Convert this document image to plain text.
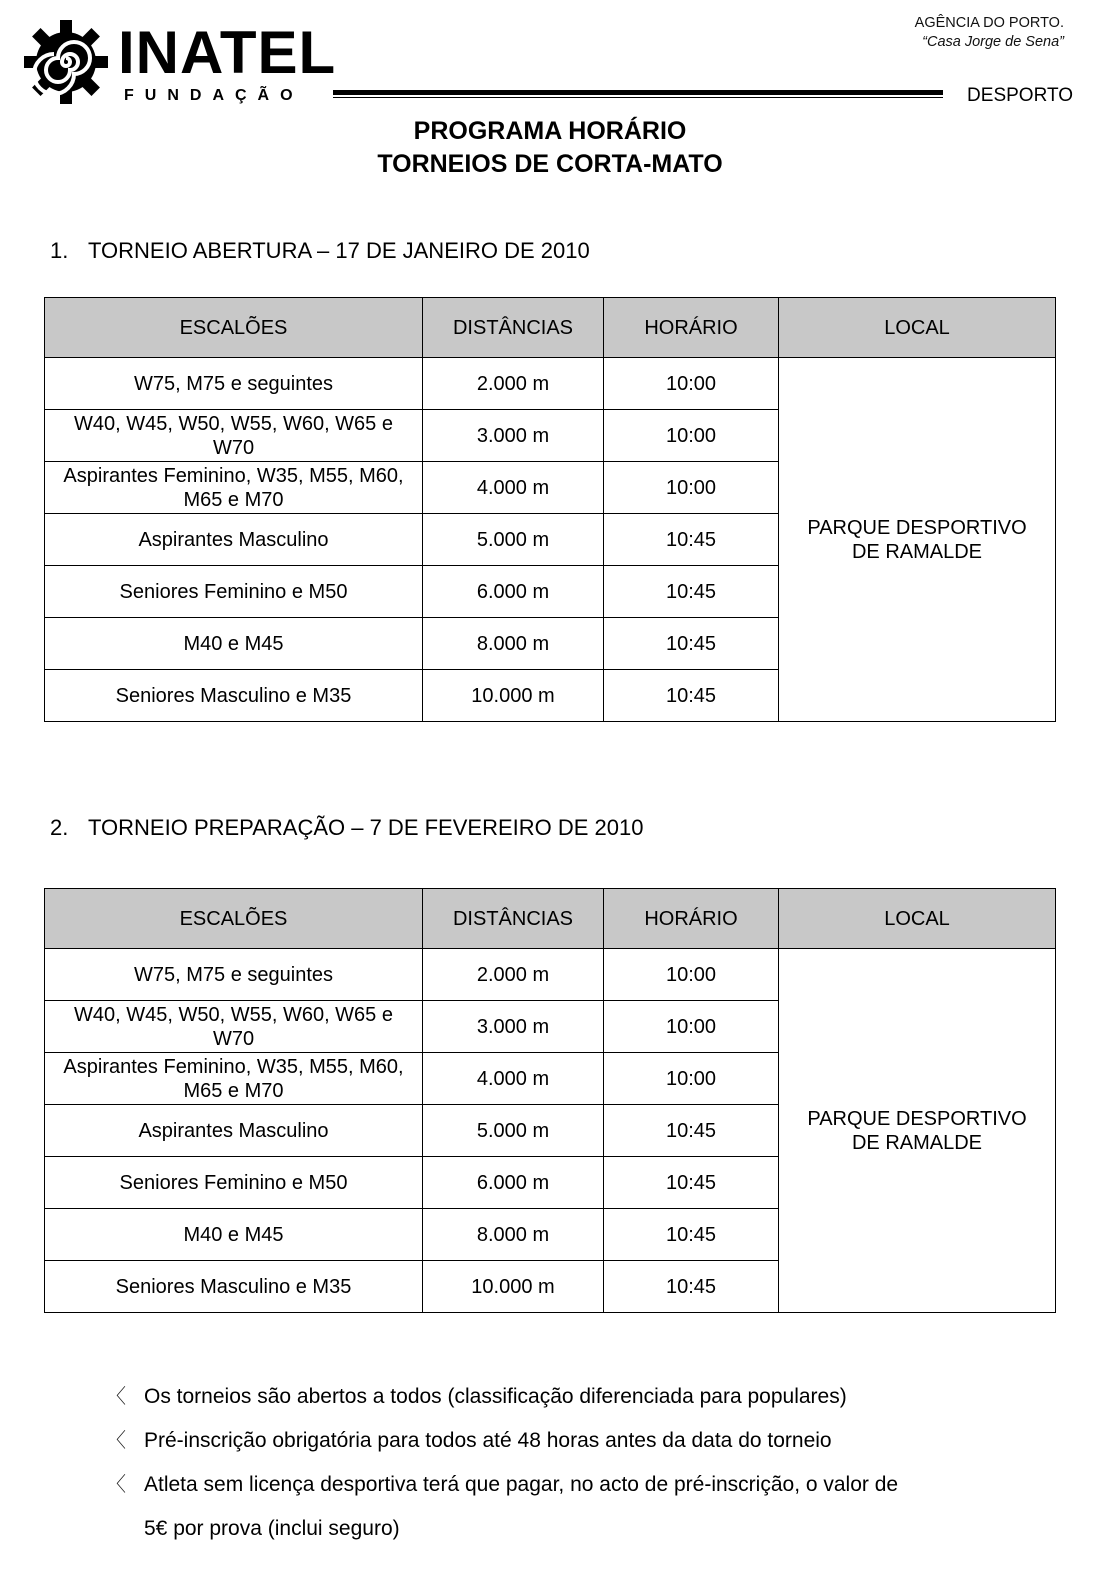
INATEL
FUNDAÇÃO
AGÊNCIA DO PORTO.
“Casa Jorge de Sena”
DESPORTO
PROGRAMA HORÁRIO
TORNEIOS DE CORTA-MATO
1. TORNEIO ABERTURA – 17 DE JANEIRO DE 2010
ESCALÕES	DISTÂNCIAS	HORÁRIO	LOCAL
W75, M75 e seguintes	2.000 m	10:00	PARQUE DESPORTIVO
DE RAMALDE

W40, W45, W50, W55, W60, W65 e W70	3.000 m	10:00	
Aspirantes Feminino, W35, M55, M60, M65 e M70	4.000 m	10:00	
Aspirantes Masculino	5.000 m	10:45	
Seniores Feminino e M50	6.000 m	10:45	
M40 e M45	8.000 m	10:45	
Seniores Masculino e M35	10.000 m	10:45	
2. TORNEIO PREPARAÇÃO – 7 DE FEVEREIRO DE 2010
ESCALÕES	DISTÂNCIAS	HORÁRIO	LOCAL
W75, M75 e seguintes	2.000 m	10:00	PARQUE DESPORTIVO
DE RAMALDE

W40, W45, W50, W55, W60, W65 e W70	3.000 m	10:00	
Aspirantes Feminino, W35, M55, M60, M65 e M70	4.000 m	10:00	
Aspirantes Masculino	5.000 m	10:45	
Seniores Feminino e M50	6.000 m	10:45	
M40 e M45	8.000 m	10:45	
Seniores Masculino e M35	10.000 m	10:45	
〈 Os torneios são abertos a todos (classificação diferenciada para populares)
〈 Pré-inscrição obrigatória para todos até 48 horas antes da data do torneio
〈 Atleta sem licença desportiva terá que pagar, no acto de pré-inscrição, o valor de
5€ por prova (inclui seguro)
